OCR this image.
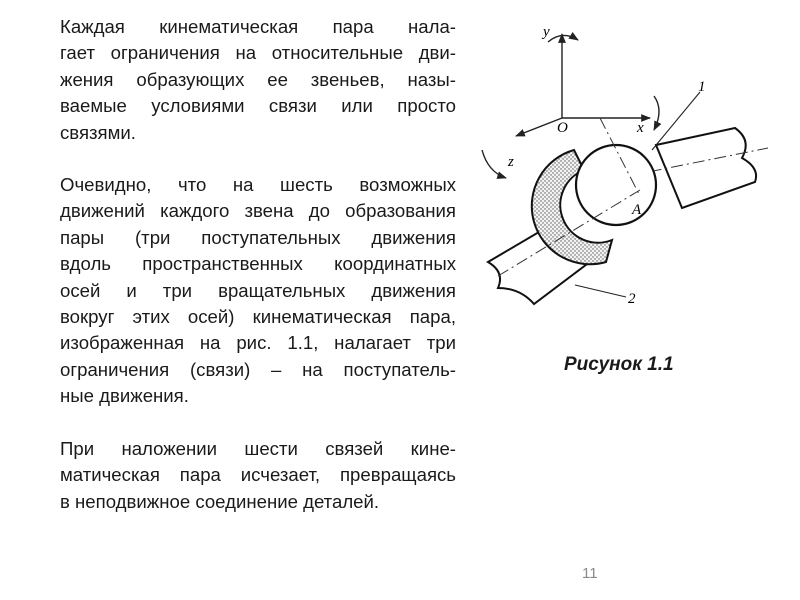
Каждая кинематическая пара нала-
гает ограничения на относительные дви-
жения образующих ее звеньев, назы-
ваемые условиями связи или просто
связями.

Очевидно, что на шесть возможных
движений каждого звена до образования
пары (три поступательных движения
вдоль пространственных координатных
осей и три вращательных движения
вокруг этих осей) кинематическая пара,
изображенная на рис. 1.1, налагает три
ограничения (связи) – на поступатель-
ные движения.

При наложении шести связей кине-
матическая пара исчезает, превращаясь
в неподвижное соединение деталей.

y
x
z
O
A
1
2
Рисунок 1.1
11
